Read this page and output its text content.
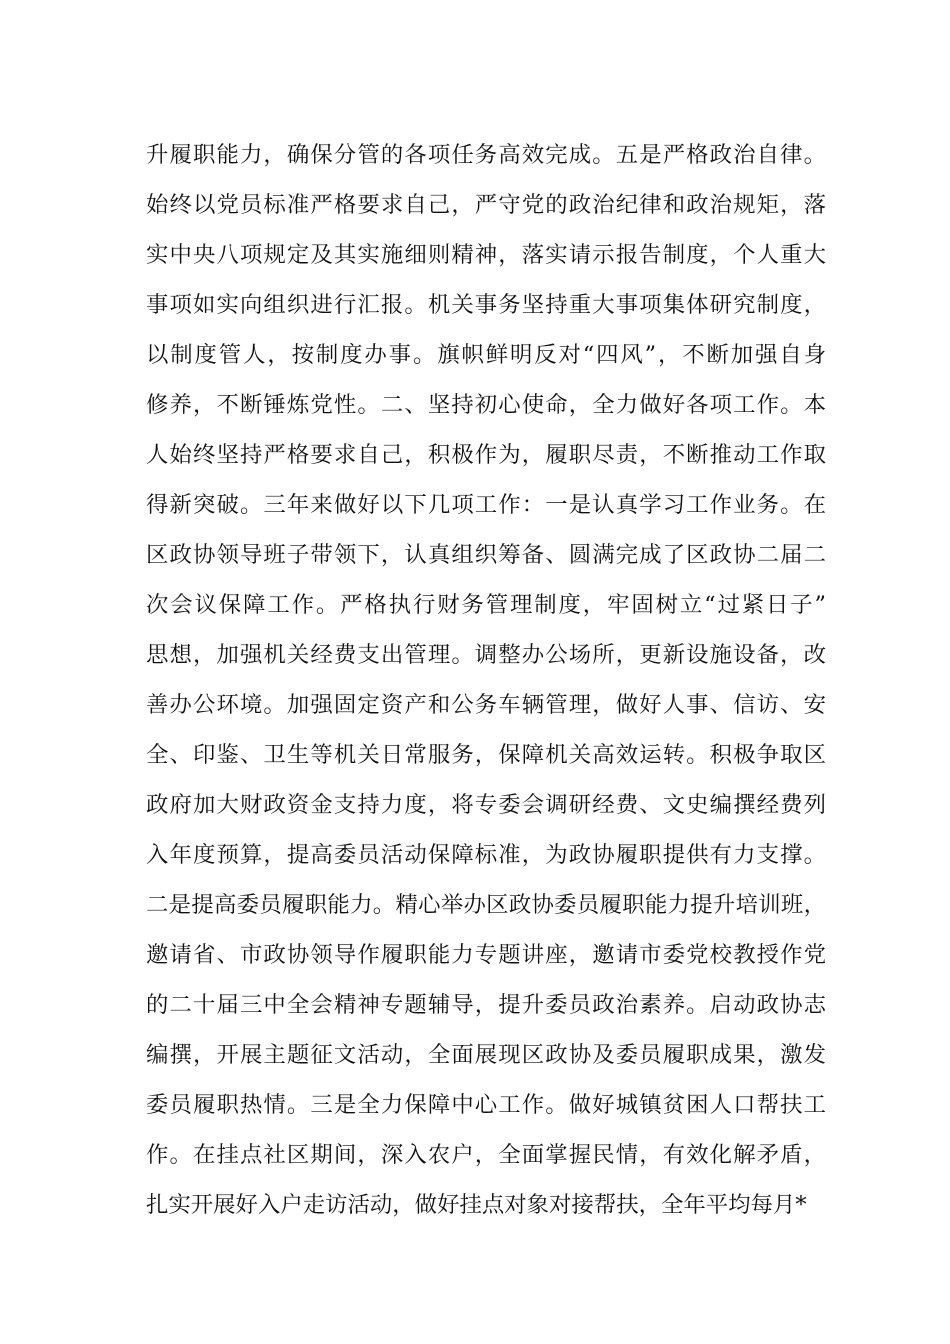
升履职能力，确保分管的各项任务高效完成。五是严格政治自律。
始终以党员标准严格要求自己，严守党的政治纪律和政治规矩，落
实中央八项规定及其实施细则精神，落实请示报告制度，个人重大
事项如实向组织进行汇报。机关事务坚持重大事项集体研究制度，
以制度管人，按制度办事。旗帜鲜明反对“四风”，不断加强自身
修养，不断锤炼党性。二、坚持初心使命，全力做好各项工作。本
人始终坚持严格要求自己，积极作为，履职尽责，不断推动工作取
得新突破。三年来做好以下几项工作：一是认真学习工作业务。在
区政协领导班子带领下，认真组织筹备、圆满完成了区政协二届二
次会议保障工作。严格执行财务管理制度，牢固树立“过紧日子”
思想，加强机关经费支出管理。调整办公场所，更新设施设备，改
善办公环境。加强固定资产和公务车辆管理，做好人事、信访、安
全、印鉴、卫生等机关日常服务，保障机关高效运转。积极争取区
政府加大财政资金支持力度，将专委会调研经费、文史编撰经费列
入年度预算，提高委员活动保障标准，为政协履职提供有力支撑。
二是提高委员履职能力。精心举办区政协委员履职能力提升培训班，
邀请省、市政协领导作履职能力专题讲座，邀请市委党校教授作党
的二十届三中全会精神专题辅导，提升委员政治素养。启动政协志
编撰，开展主题征文活动，全面展现区政协及委员履职成果，激发
委员履职热情。三是全力保障中心工作。做好城镇贫困人口帮扶工
作。在挂点社区期间，深入农户，全面掌握民情，有效化解矛盾，
扎实开展好入户走访活动，做好挂点对象对接帮扶，全年平均每月*
